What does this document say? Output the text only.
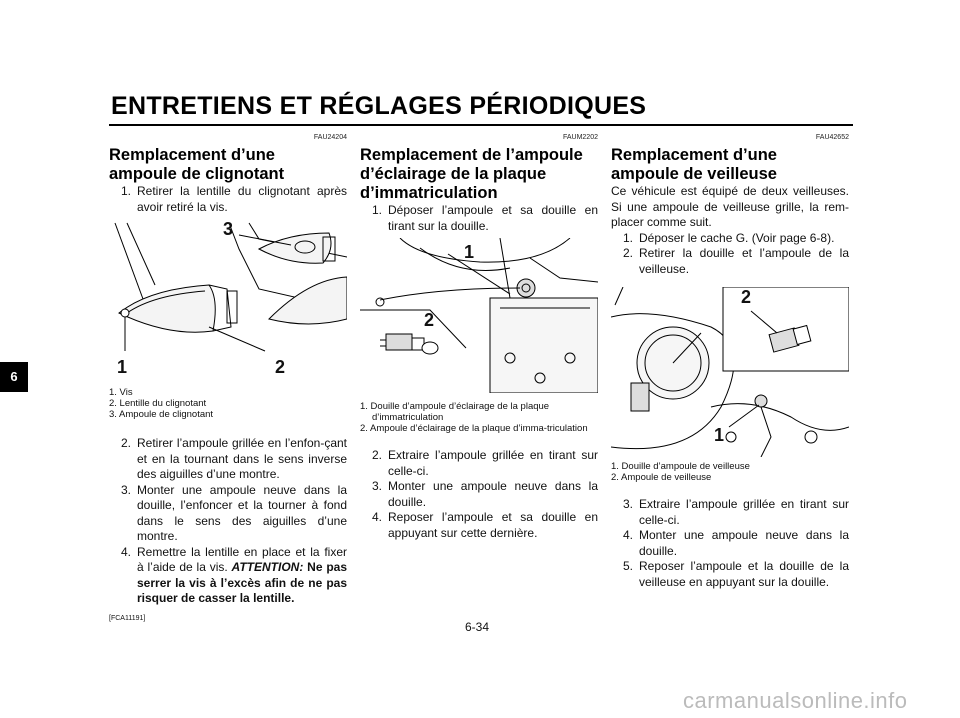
ENTRETIENS ET RÉGLAGES PÉRIODIQUES
6
FAU24204
Remplacement d’une ampoule de clignotant
1. Retirer la lentille du clignotant après avoir retiré la vis.
3
1	2
1. Vis
2. Lentille du clignotant
3. Ampoule de clignotant
2. Retirer l’ampoule grillée en l’enfon-çant et en la tournant dans le sens inverse des aiguilles d’une montre.
3. Monter une ampoule neuve dans la douille, l’enfoncer et la tourner à fond dans le sens des aiguilles d’une montre.
4. Remettre la lentille en place et la fixer à l’aide de la vis. ATTENTION: Ne pas serrer la vis à l’excès afin de ne pas risquer de casser la lentille.
[FCA11191]
FAUM2202
Remplacement de l’ampoule d’éclairage de la plaque d’immatriculation
1. Déposer l’ampoule et sa douille en tirant sur la douille.
1
2
1. Douille d’ampoule d’éclairage de la plaque d’immatriculation
2. Ampoule d’éclairage de la plaque d’imma-triculation
2. Extraire l’ampoule grillée en tirant sur celle-ci.
3. Monter une ampoule neuve dans la douille.
4. Reposer l’ampoule et sa douille en appuyant sur cette dernière.
FAU42652
Remplacement d’une ampoule de veilleuse

Ce véhicule est équipé de deux veilleuses. Si une ampoule de veilleuse grille, la rem-placer comme suit.

1. Déposer le cache G. (Voir page 6-8).
2. Retirer la douille et l’ampoule de la veilleuse.
2
1
1. Douille d’ampoule de veilleuse
2. Ampoule de veilleuse
3. Extraire l’ampoule grillée en tirant sur celle-ci.
4. Monter une ampoule neuve dans la douille.
5. Reposer l’ampoule et la douille de la veilleuse en appuyant sur la douille.
6-34
carmanualsonline.info
